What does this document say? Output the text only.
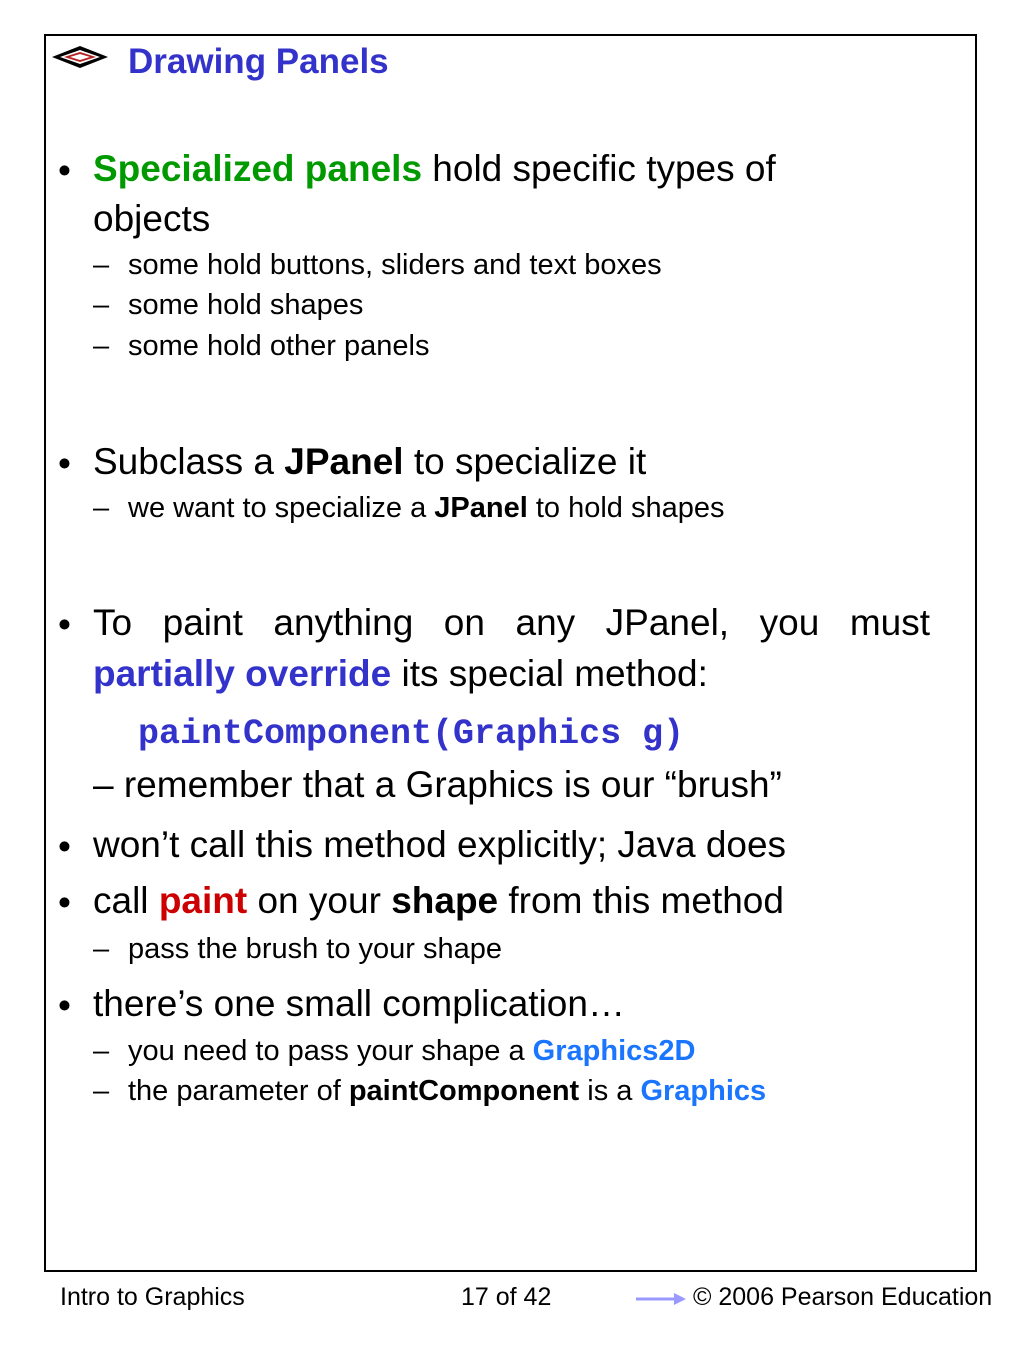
Drawing Panels
• Specialized panels hold specific types of
objects
– some hold buttons, sliders and text boxes
– some hold shapes
– some hold other panels
• Subclass a JPanel to specialize it
– we want to specialize a JPanel to hold shapes
• To paint anything on any JPanel, you must
partially override its special method:
paintComponent(Graphics g)
– remember that a Graphics is our “brush”
• won’t call this method explicitly; Java does
• call paint on your shape from this method
– pass the brush to your shape
• there’s one small complication…
– you need to pass your shape a Graphics2D
– the parameter of paintComponent is a Graphics
Intro to Graphics	17 of 42	© 2006 Pearson Education
